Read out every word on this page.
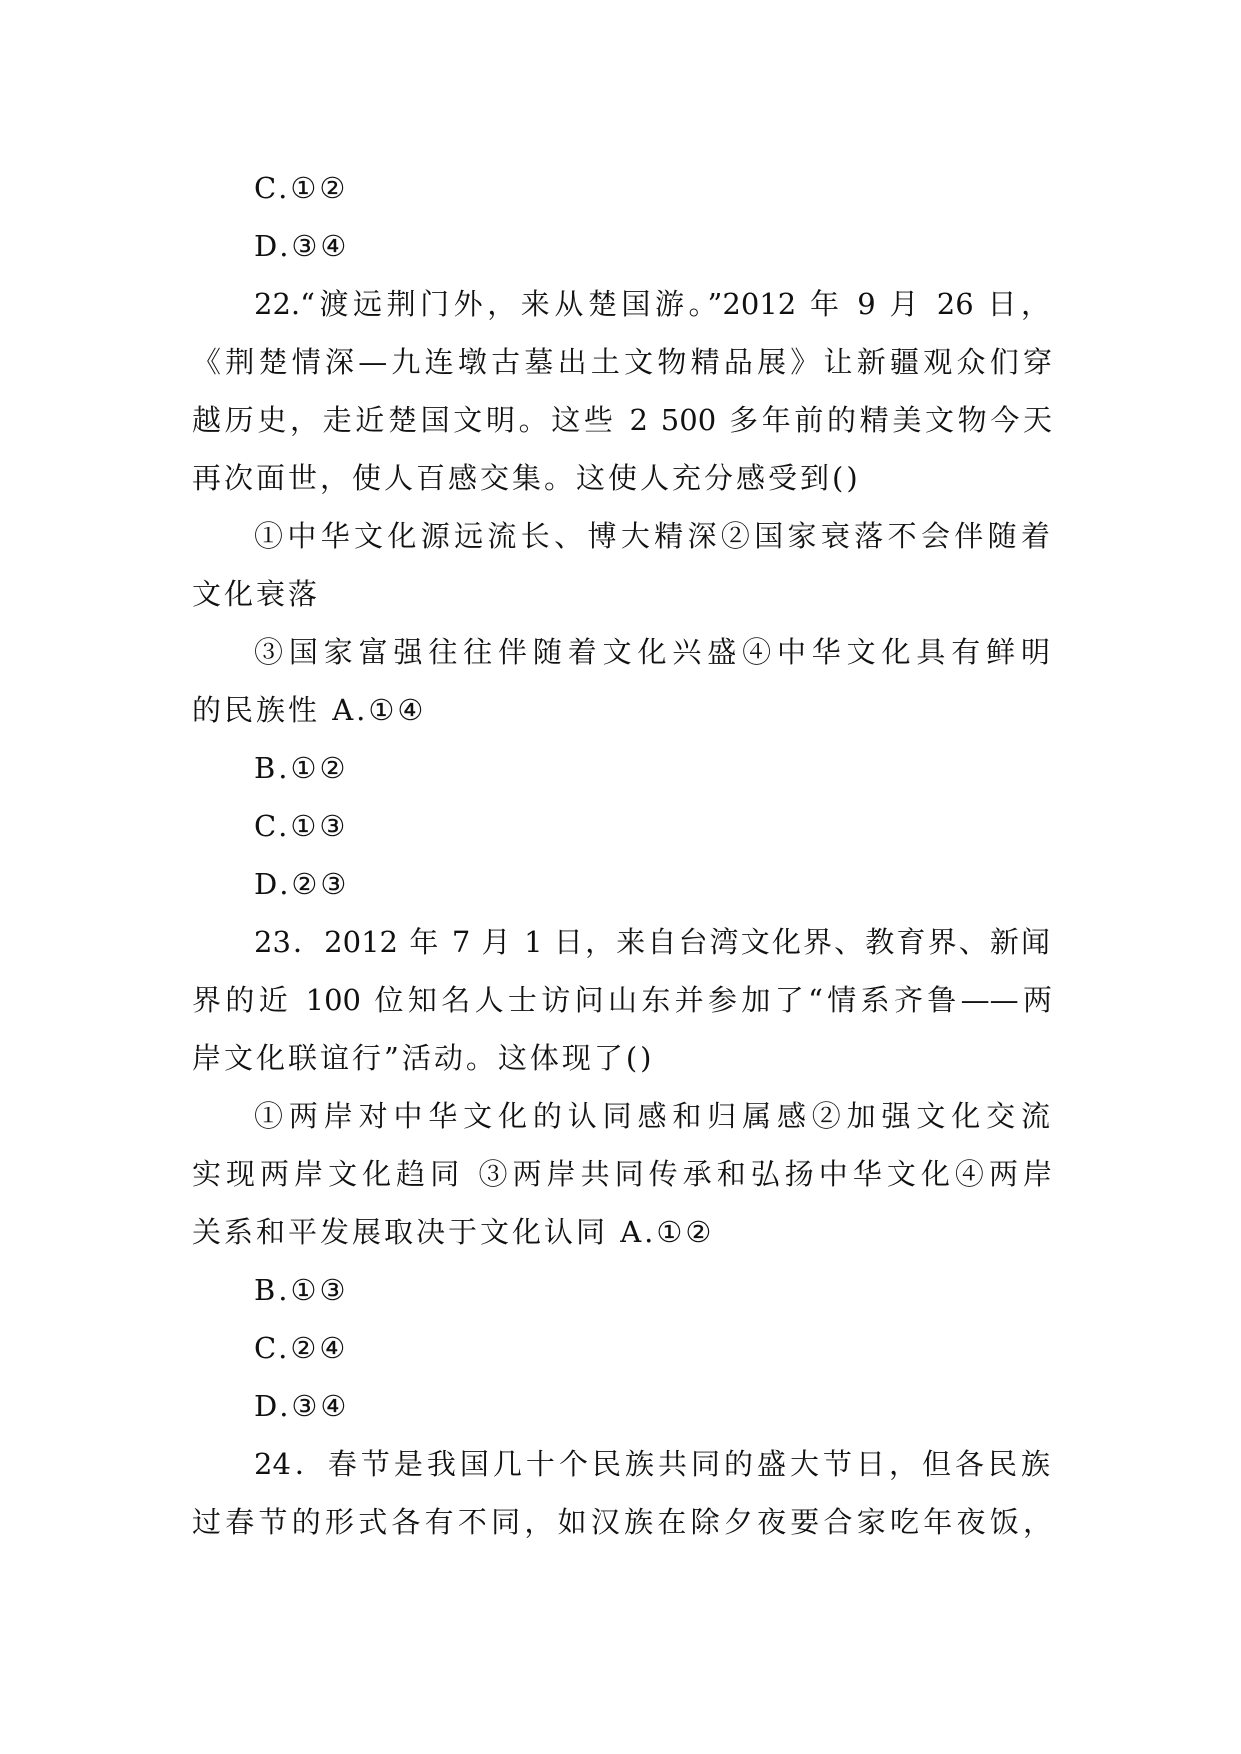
C.①②
D.③④
22.“渡远荆门外，来从楚国游。”2012 年 9 月 26 日，
《荆楚情深—九连墩古墓出土文物精品展》让新疆观众们穿
越历史，走近楚国文明。这些 2 500 多年前的精美文物今天
再次面世，使人百感交集。这使人充分感受到()
①中华文化源远流长、博大精深②国家衰落不会伴随着
文化衰落
③国家富强往往伴随着文化兴盛④中华文化具有鲜明
的民族性 A.①④
B.①②
C.①③
D.②③
23．2012 年 7 月 1 日，来自台湾文化界、教育界、新闻
界的近 100 位知名人士访问山东并参加了“情系齐鲁——两
岸文化联谊行”活动。这体现了()
①两岸对中华文化的认同感和归属感②加强文化交流
实现两岸文化趋同 ③两岸共同传承和弘扬中华文化④两岸
关系和平发展取决于文化认同 A.①②
B.①③
C.②④
D.③④
24．春节是我国几十个民族共同的盛大节日，但各民族
过春节的形式各有不同，如汉族在除夕夜要合家吃年夜饭，
